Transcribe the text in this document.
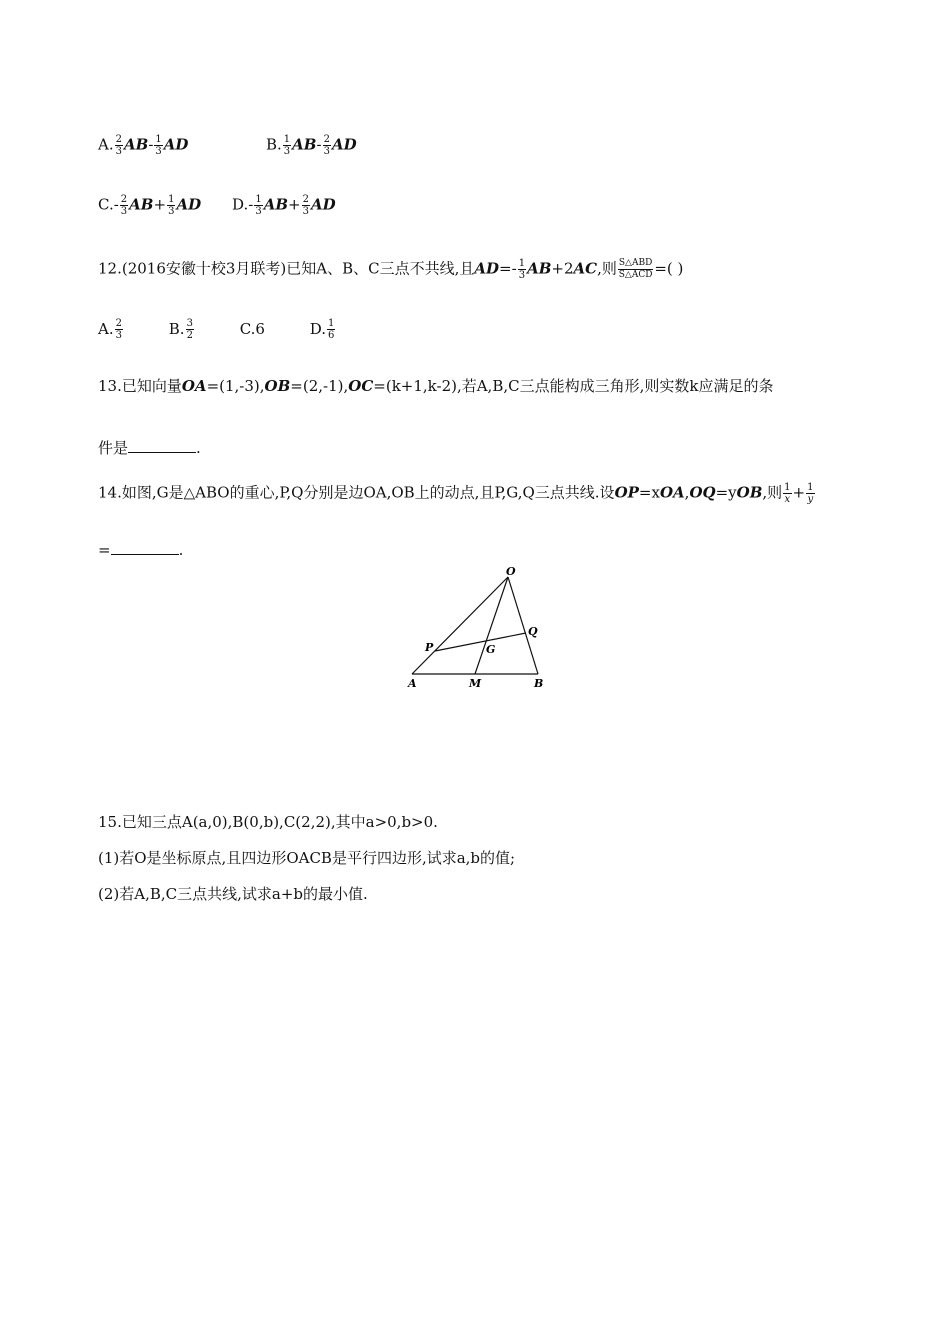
A. $\frac{2}{3} AB- \frac{1}{3}$ AD	B. $\frac{1}{3} AB- \frac{2}{3}$ AD
$C.- \frac{2}{3} AB+ \frac{1}{3}$ AD $D.- \frac{1}{3} AB+ \frac{2}{3}$ AD
12.(2016安徽十校3月联考)已知A、B、C三点不共线,且$AD=- \frac{1}{3} AB+2AC$,则 $\frac{\text{S△ABD}}{\text{S△ACD}}$ =( )
A. $\frac{2}{3}$	B. $\frac{3}{2}$	C.6	D. $\frac{1}{6}$
13.已知向量OA=(1,-3),OB=(2,-1),OC=(k+1,k-2),若A,B,C三点能构成三角形,则实数k应满足的条
件是	.
14.如图,G是△ABO的重心,P,Q分别是边OA,OB上的动点,且P,G,Q三点共线.设OP=xOA,OQ=yOB,则 $\frac{1}{x} + \frac{1}{y}$
=	.
O
Q
P	G
A	M	B
15.已知三点A(a,0),B(0,b),C(2,2),其中a>0,b>0.
(1)若O是坐标原点,且四边形OACB是平行四边形,试求a,b的值;
(2)若A,B,C三点共线,试求a+b的最小值.
